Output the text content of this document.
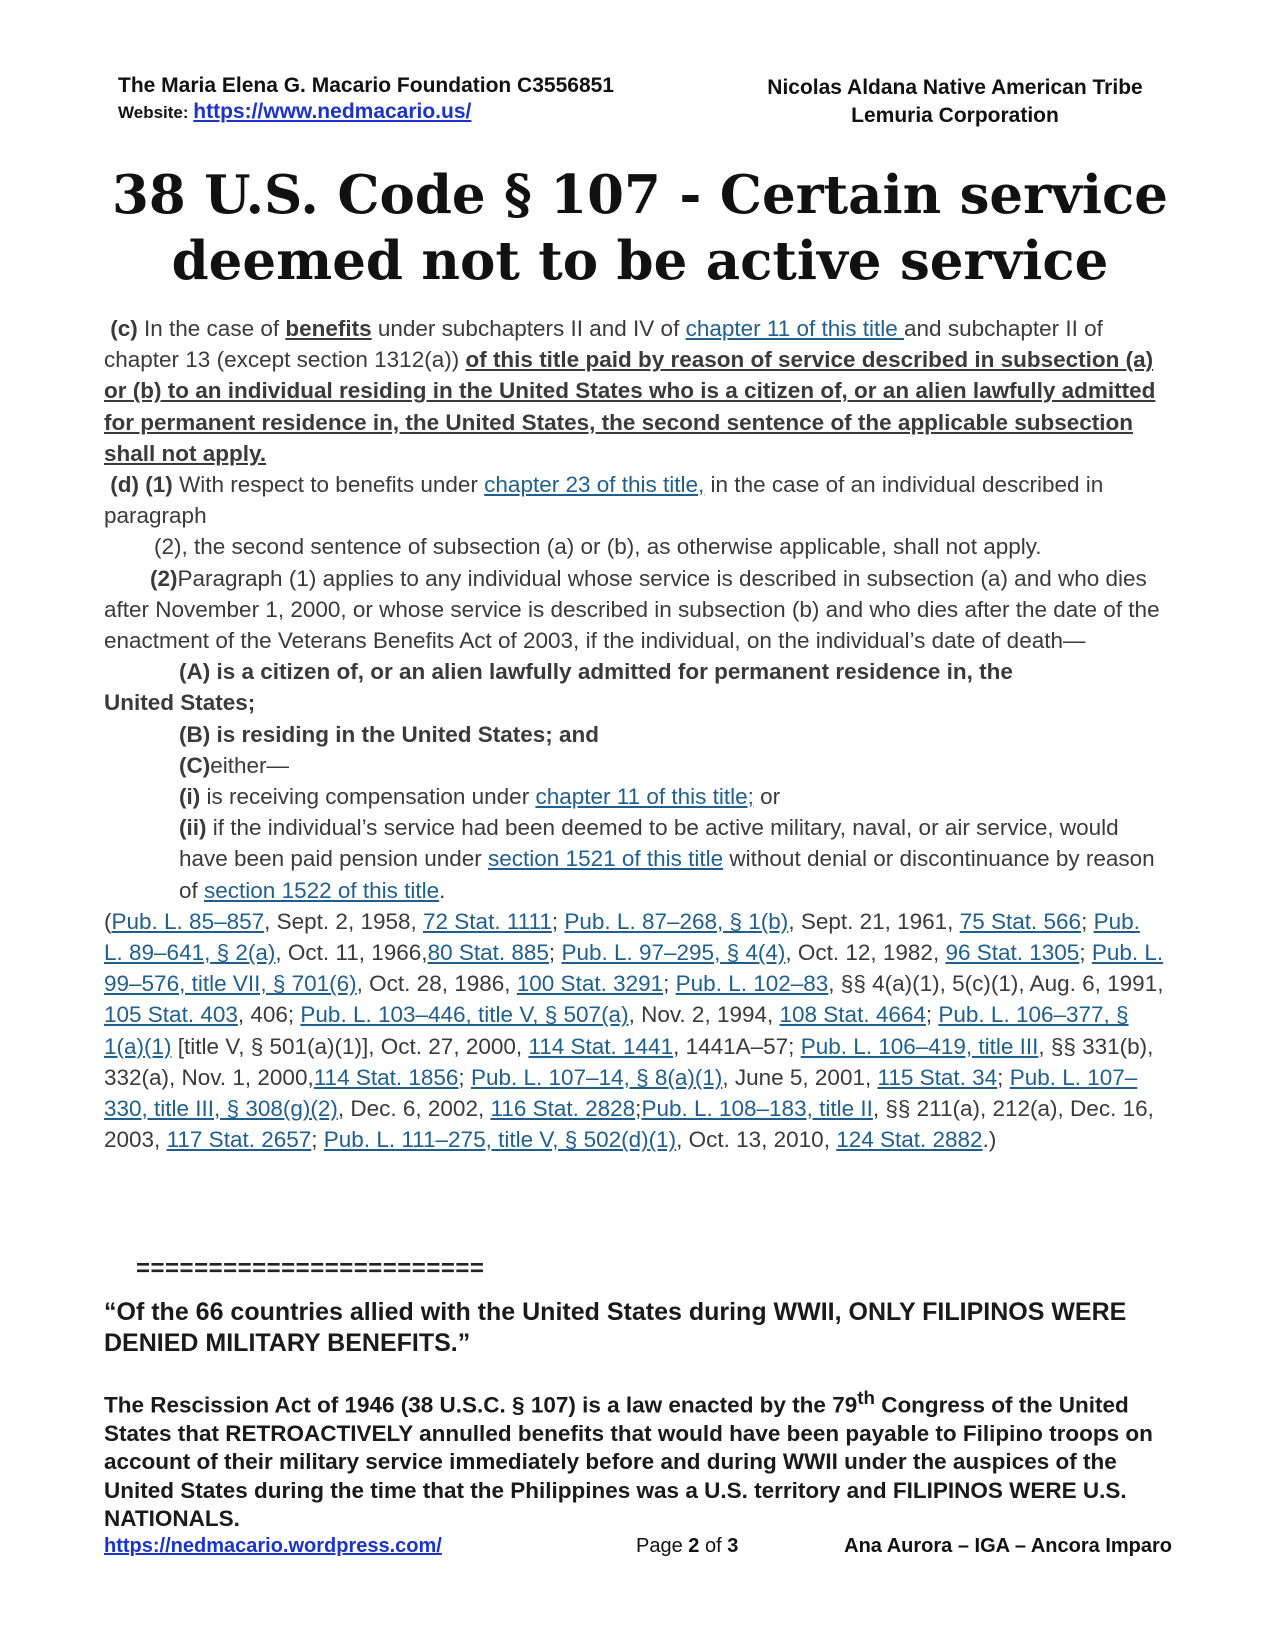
The Maria Elena G. Macario Foundation C3556851
Website: https://www.nedmacario.us/
Nicolas Aldana Native American Tribe
Lemuria Corporation
38 U.S. Code § 107 - Certain service
deemed not to be active service

(c) In the case of benefits under subchapters II and IV of chapter 11 of this title and subchapter II of chapter 13 (except section 1312(a)) of this title paid by reason of service described in subsection (a) or (b) to an individual residing in the United States who is a citizen of, or an alien lawfully admitted for permanent residence in, the United States, the second sentence of the applicable subsection shall not apply.

(d) (1) With respect to benefits under chapter 23 of this title, in the case of an individual described in paragraph

(2), the second sentence of subsection (a) or (b), as otherwise applicable, shall not apply.

(2)Paragraph (1) applies to any individual whose service is described in subsection (a) and who dies after November 1, 2000, or whose service is described in subsection (b) and who dies after the date of the enactment of the Veterans Benefits Act of 2003, if the individual, on the individual’s date of death—

(A) is a citizen of, or an alien lawfully admitted for permanent residence in, the

United States;

(B) is residing in the United States; and

(C)either—

(i) is receiving compensation under chapter 11 of this title; or

(ii) if the individual’s service had been deemed to be active military, naval, or air service, would have been paid pension under section 1521 of this title without denial or discontinuance by reason of section 1522 of this title.

(Pub. L. 85–857, Sept. 2, 1958, 72 Stat. 1111; Pub. L. 87–268, § 1(b), Sept. 21, 1961, 75 Stat. 566; Pub. L. 89–641, § 2(a), Oct. 11, 1966,80 Stat. 885; Pub. L. 97–295, § 4(4), Oct. 12, 1982, 96 Stat. 1305; Pub. L. 99–576, title VII, § 701(6), Oct. 28, 1986, 100 Stat. 3291; Pub. L. 102–83, §§ 4(a)(1), 5(c)(1), Aug. 6, 1991, 105 Stat. 403, 406; Pub. L. 103–446, title V, § 507(a), Nov. 2, 1994, 108 Stat. 4664; Pub. L. 106–377, § 1(a)(1) [title V, § 501(a)(1)], Oct. 27, 2000, 114 Stat. 1441, 1441A–57; Pub. L. 106–419, title III, §§ 331(b), 332(a), Nov. 1, 2000,114 Stat. 1856; Pub. L. 107–14, § 8(a)(1), June 5, 2001, 115 Stat. 34; Pub. L. 107–330, title III, § 308(g)(2), Dec. 6, 2002, 116 Stat. 2828;Pub. L. 108–183, title II, §§ 211(a), 212(a), Dec. 16, 2003, 117 Stat. 2657; Pub. L. 111–275, title V, § 502(d)(1), Oct. 13, 2010, 124 Stat. 2882.)

========================
“Of the 66 countries allied with the United States during WWII, ONLY FILIPINOS WERE DENIED MILITARY BENEFITS.”
The Rescission Act of 1946 (38 U.S.C. § 107) is a law enacted by the 79th Congress of the United States that RETROACTIVELY annulled benefits that would have been payable to Filipino troops on account of their military service immediately before and during WWII under the auspices of the United States during the time that the Philippines was a U.S. territory and FILIPINOS WERE U.S. NATIONALS.
https://nedmacario.wordpress.com/	Page 2 of 3	Ana Aurora – IGA – Ancora Imparo
